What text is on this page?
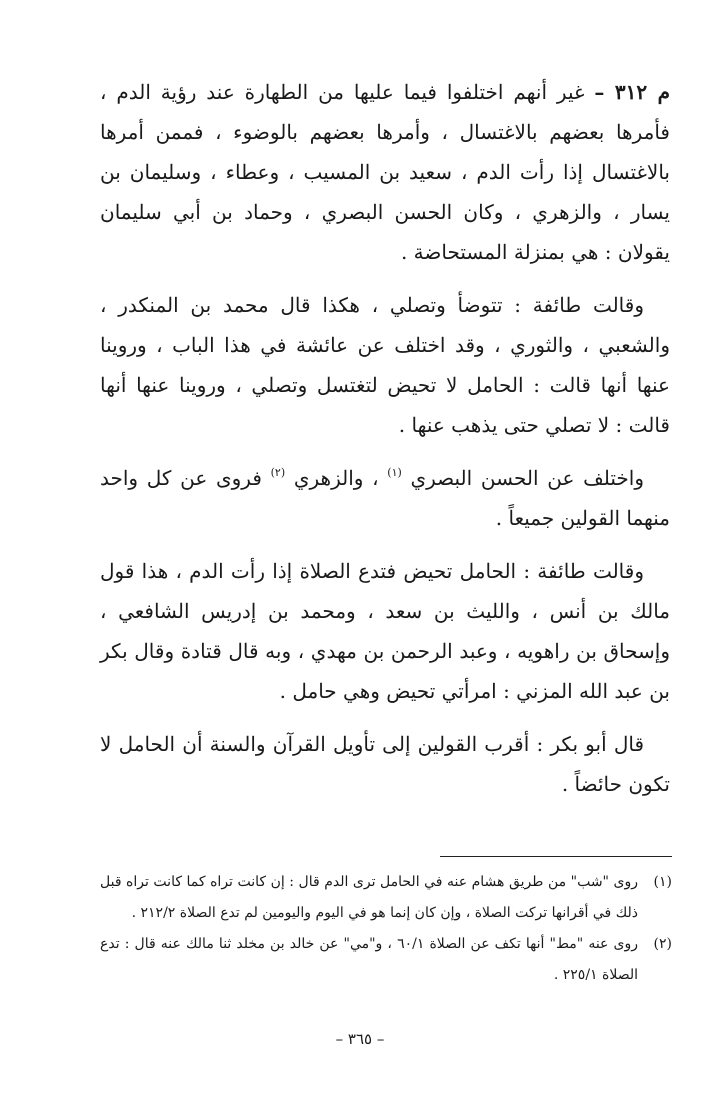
م ٣١٢ – غير أنهم اختلفوا فيما عليها من الطهارة عند رؤية الدم ، فأمرها بعضهم بالاغتسال ، وأمرها بعضهم بالوضوء ، فممن أمرها بالاغتسال إذا رأت الدم ، سعيد بن المسيب ، وعطاء ، وسليمان بن يسار ، والزهري ، وكان الحسن البصري ، وحماد بن أبي سليمان يقولان : هي بمنزلة المستحاضة .

وقالت طائفة : تتوضأ وتصلي ، هكذا قال محمد بن المنكدر ، والشعبي ، والثوري ، وقد اختلف عن عائشة في هذا الباب ، وروينا عنها أنها قالت : الحامل لا تحيض لتغتسل وتصلي ، وروينا عنها أنها قالت : لا تصلي حتى يذهب عنها .

واختلف عن الحسن البصري $^{(١)}$ ، والزهري $^{(٢)}$ فروى عن كل واحد منهما القولين جميعاً .

وقالت طائفة : الحامل تحيض فتدع الصلاة إذا رأت الدم ، هذا قول مالك بن أنس ، والليث بن سعد ، ومحمد بن إدريس الشافعي ، وإسحاق بن راهويه ، وعبد الرحمن بن مهدي ، وبه قال قتادة وقال بكر بن عبد الله المزني : امرأتي تحيض وهي حامل .

قال أبو بكر : أقرب القولين إلى تأويل القرآن والسنة أن الحامل لا تكون حائضاً .

(١)
روى "شب" من طريق هشام عنه في الحامل ترى الدم قال : إن كانت تراه كما كانت تراه قبل ذلك في أقرانها تركت الصلاة ، وإن كان إنما هو في اليوم واليومين لم تدع الصلاة ٢١٢/٢ .

(٢)
روى عنه "مط" أنها تكف عن الصلاة ٦٠/١ ، و"مي" عن خالد بن مخلد ثنا مالك عنه قال : تدع الصلاة ٢٢٥/١ .

– ٣٦٥ –
